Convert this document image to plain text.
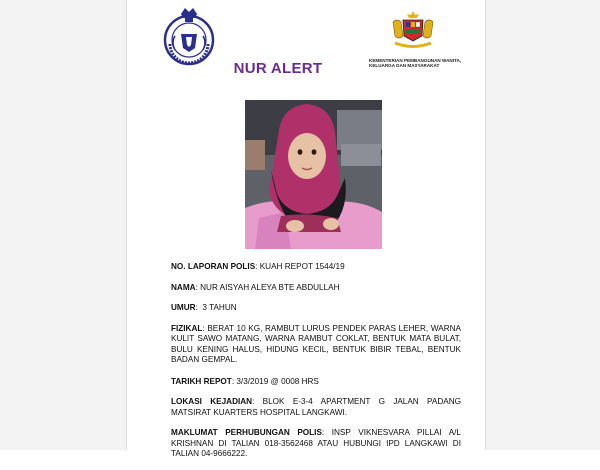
KEMENTERIAN PEMBANGUNAN WANITA, KELUARGA DAN MASYARAKAT
NUR ALERT
NO. LAPORAN POLIS: KUAH REPOT 1544/19
NAMA: NUR AISYAH ALEYA BTE ABDULLAH
UMUR:  3 TAHUN
FIZIKAL: BERAT 10 KG, RAMBUT LURUS PENDEK PARAS LEHER, WARNA KULIT SAWO MATANG, WARNA RAMBUT COKLAT, BENTUK MATA BULAT, BULU KENING HALUS, HIDUNG KECIL, BENTUK BIBIR TEBAL, BENTUK BADAN GEMPAL.
TARIKH REPOT: 3/3/2019 @ 0008 HRS
LOKASI KEJADIAN: BLOK E-3-4 APARTMENT G JALAN PADANG MATSIRAT KUARTERS HOSPITAL LANGKAWI.
MAKLUMAT PERHUBUNGAN POLIS: INSP VIKNESVARA PILLAI A/L KRISHNAN DI TALIAN 018-3562468 ATAU HUBUNGI IPD LANGKAWI DI TALIAN 04-9666222.
